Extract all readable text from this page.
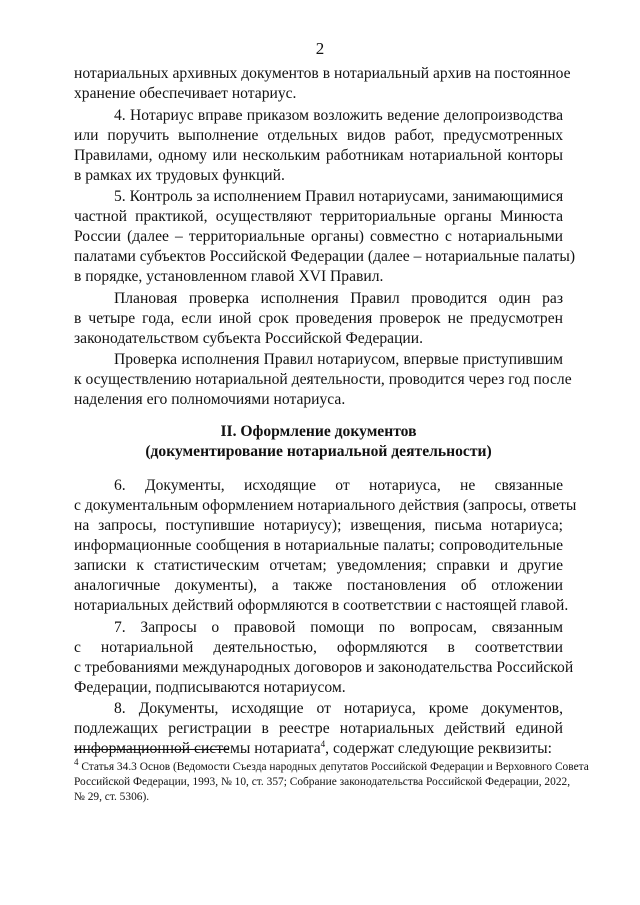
2
нотариальных архивных документов в нотариальный архив на постоянное
хранение обеспечивает нотариус.
4. Нотариус вправе приказом возложить ведение делопроизводства
или поручить выполнение отдельных видов работ, предусмотренных
Правилами, одному или нескольким работникам нотариальной конторы
в рамках их трудовых функций.
5. Контроль за исполнением Правил нотариусами, занимающимися
частной практикой, осуществляют территориальные органы Минюста
России (далее – территориальные органы) совместно с нотариальными
палатами субъектов Российской Федерации (далее – нотариальные палаты)
в порядке, установленном главой XVI Правил.
Плановая проверка исполнения Правил проводится один раз
в четыре года, если иной срок проведения проверок не предусмотрен
законодательством субъекта Российской Федерации.
Проверка исполнения Правил нотариусом, впервые приступившим
к осуществлению нотариальной деятельности, проводится через год после
наделения его полномочиями нотариуса.
II. Оформление документов
(документирование нотариальной деятельности)
6. Документы, исходящие от нотариуса, не связанные
с документальным оформлением нотариального действия (запросы, ответы
на запросы, поступившие нотариусу); извещения, письма нотариуса;
информационные сообщения в нотариальные палаты; сопроводительные
записки к статистическим отчетам; уведомления; справки и другие
аналогичные документы), а также постановления об отложении
нотариальных действий оформляются в соответствии с настоящей главой.
7. Запросы о правовой помощи по вопросам, связанным
с нотариальной деятельностью, оформляются в соответствии
с требованиями международных договоров и законодательства Российской
Федерации, подписываются нотариусом.
8. Документы, исходящие от нотариуса, кроме документов,
подлежащих регистрации в реестре нотариальных действий единой
информационной системы нотариата$^4$, содержат следующие реквизиты:
$^4$ Статья 34.3 Основ (Ведомости Съезда народных депутатов Российской Федерации и Верховного Совета
Российской Федерации, 1993, № 10, ст. 357; Собрание законодательства Российской Федерации, 2022,
№ 29, ст. 5306).
